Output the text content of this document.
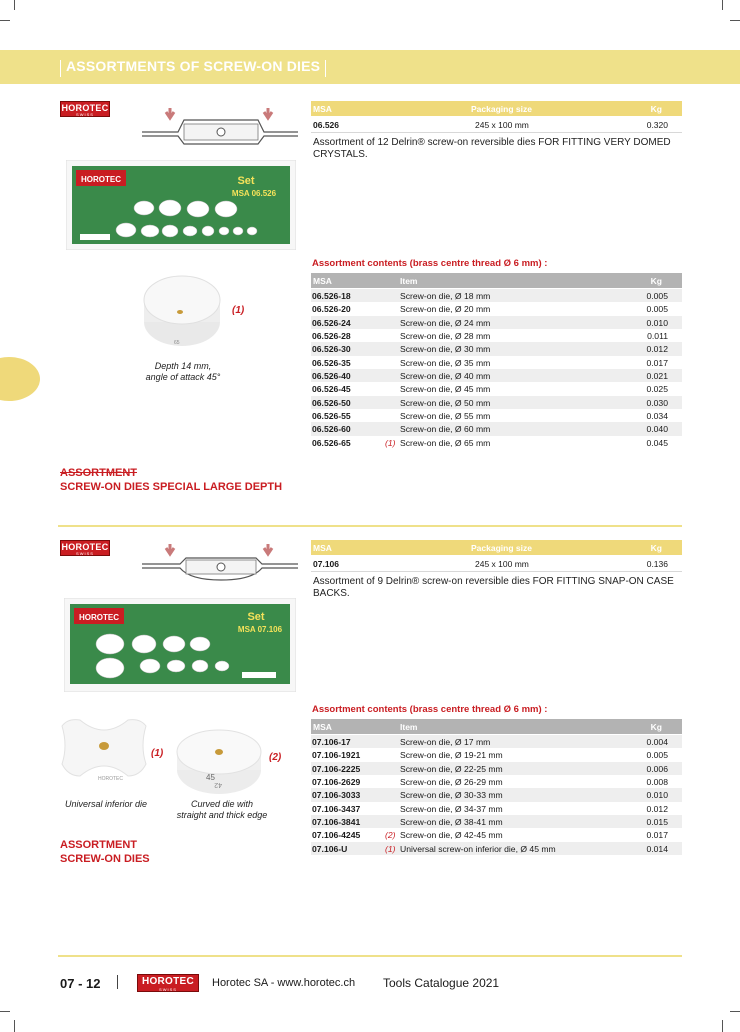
ASSORTMENTS OF SCREW-ON DIES
HOROTEC
SWISS
HOROTEC	Set
MSA 06.526
65
(1)
Depth 14 mm,
angle of attack 45°
MSA	Packaging size	Kg
06.526	245 x 100 mm	0.320
Assortment of 12 Delrin® screw-on reversible dies FOR FITTING VERY DOMED CRYSTALS.
Assortment contents (brass centre thread Ø 6 mm) :
MSA	Item	Kg
06.526-18	Screw-on die, Ø 18 mm	0.005
06.526-20	Screw-on die, Ø 20 mm	0.005
06.526-24	Screw-on die, Ø 24 mm	0.010
06.526-28	Screw-on die, Ø 28 mm	0.011
06.526-30	Screw-on die, Ø 30 mm	0.012
06.526-35	Screw-on die, Ø 35 mm	0.017
06.526-40	Screw-on die, Ø 40 mm	0.021
06.526-45	Screw-on die, Ø 45 mm	0.025
06.526-50	Screw-on die, Ø 50 mm	0.030
06.526-55	Screw-on die, Ø 55 mm	0.034
06.526-60	Screw-on die, Ø 60 mm	0.040
06.526-65	(1) Screw-on die, Ø 65 mm	0.045
ASSORTMENT
SCREW-ON DIES SPECIAL LARGE DEPTH
HOROTEC
SWISS
HOROTEC	Set
MSA 07.106
HOROTEC
(1)
45
42
(2)
Universal inferior die	Curved die with
straight and thick edge
MSA	Packaging size	Kg
07.106	245 x 100 mm	0.136
Assortment of 9 Delrin® screw-on reversible dies FOR FITTING SNAP-ON CASE BACKS.
Assortment contents (brass centre thread Ø 6 mm) :
MSA	Item	Kg
07.106-17	Screw-on die, Ø 17 mm	0.004
07.106-1921	Screw-on die, Ø 19-21 mm	0.005
07.106-2225	Screw-on die, Ø 22-25 mm	0.006
07.106-2629	Screw-on die, Ø 26-29 mm	0.008
07.106-3033	Screw-on die, Ø 30-33 mm	0.010
07.106-3437	Screw-on die, Ø 34-37 mm	0.012
07.106-3841	Screw-on die, Ø 38-41 mm	0.015
07.106-4245	(2) Screw-on die, Ø 42-45 mm	0.017
07.106-U	(1) Universal screw-on inferior die, Ø 45 mm	0.014
ASSORTMENT
SCREW-ON DIES
07 - 12	HOROTEC
SWISS
Horotec SA - www.horotec.ch Tools Catalogue 2021
